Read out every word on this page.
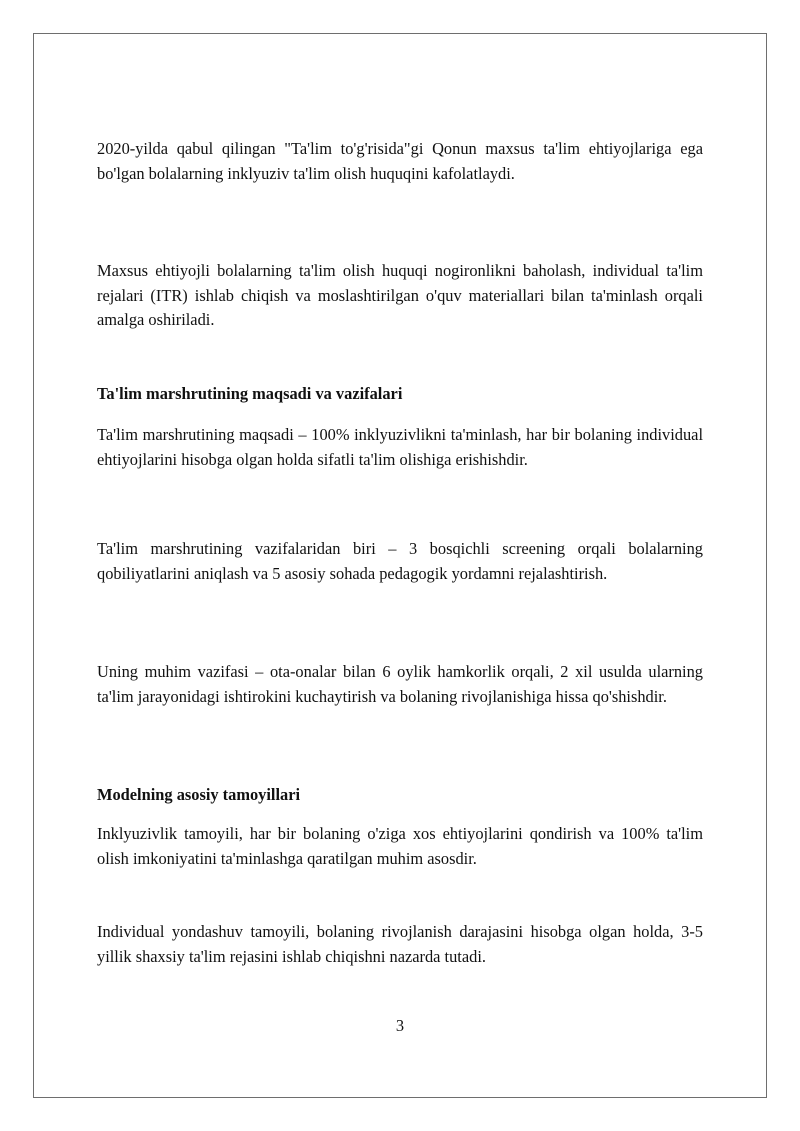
2020-yilda qabul qilingan "Ta'lim to'g'risida"gi Qonun maxsus ta'lim ehtiyojlariga ega bo'lgan bolalarning inklyuziv ta'lim olish huquqini kafolatlaydi.

Maxsus ehtiyojli bolalarning ta'lim olish huquqi nogironlikni baholash, individual ta'lim rejalari (ITR) ishlab chiqish va moslashtirilgan o'quv materiallari bilan ta'minlash orqali amalga oshiriladi.

Ta'lim marshrutining maqsadi va vazifalari

Ta'lim marshrutining maqsadi – 100% inklyuzivlikni ta'minlash, har bir bolaning individual ehtiyojlarini hisobga olgan holda sifatli ta'lim olishiga erishishdir.

Ta'lim marshrutining vazifalaridan biri – 3 bosqichli screening orqali bolalarning qobiliyatlarini aniqlash va 5 asosiy sohada pedagogik yordamni rejalashtirish.

Uning muhim vazifasi – ota-onalar bilan 6 oylik hamkorlik orqali, 2 xil usulda ularning ta'lim jarayonidagi ishtirokini kuchaytirish va bolaning rivojlanishiga hissa qo'shishdir.

Modelning asosiy tamoyillari

Inklyuzivlik tamoyili, har bir bolaning o'ziga xos ehtiyojlarini qondirish va 100% ta'lim olish imkoniyatini ta'minlashga qaratilgan muhim asosdir.

Individual yondashuv tamoyili, bolaning rivojlanish darajasini hisobga olgan holda, 3-5 yillik shaxsiy ta'lim rejasini ishlab chiqishni nazarda tutadi.

3
